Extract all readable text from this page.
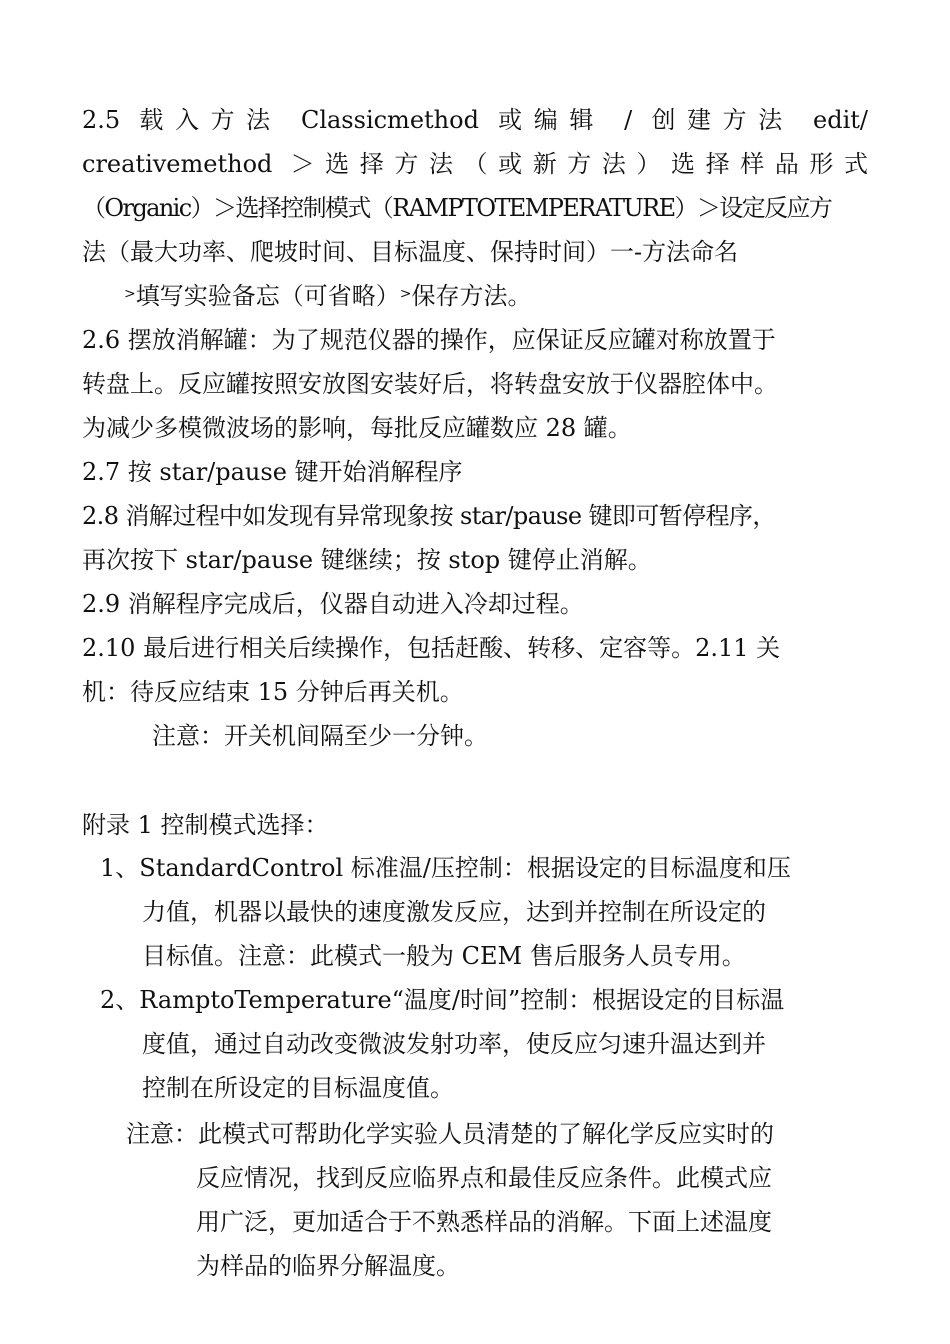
2.5 载入方法 Classicmethod 或编辑 / 创建方法 edit/
creativemethod ＞选择方法（或新方法）选择样品形式
（Organic）＞选择控制模式（RAMPTOTEMPERATURE）＞设定反应方
法（最大功率、爬坡时间、目标温度、保持时间）一-方法命名
>填写实验备忘（可省略）>保存方法。
2.6 摆放消解罐：为了规范仪器的操作，应保证反应罐对称放置于
转盘上。反应罐按照安放图安装好后，将转盘安放于仪器腔体中。
为减少多模微波场的影响，每批反应罐数应 28 罐。
2.7 按 star/pause 键开始消解程序
2.8 消解过程中如发现有异常现象按 star/pause 键即可暂停程序，
再次按下 star/pause 键继续；按 stop 键停止消解。
2.9 消解程序完成后，仪器自动进入冷却过程。
2.10 最后进行相关后续操作，包括赶酸、转移、定容等。2.11 关
机：待反应结束 15 分钟后再关机。
注意：开关机间隔至少一分钟。
附录 1 控制模式选择：
1、StandardControl 标准温/压控制：根据设定的目标温度和压
力值，机器以最快的速度激发反应，达到并控制在所设定的
目标值。注意：此模式一般为 CEM 售后服务人员专用。
2、RamptoTemperature“温度/时间”控制：根据设定的目标温
度值，通过自动改变微波发射功率，使反应匀速升温达到并
控制在所设定的目标温度值。
注意：此模式可帮助化学实验人员清楚的了解化学反应实时的
反应情况，找到反应临界点和最佳反应条件。此模式应
用广泛，更加适合于不熟悉样品的消解。下面上述温度
为样品的临界分解温度。
